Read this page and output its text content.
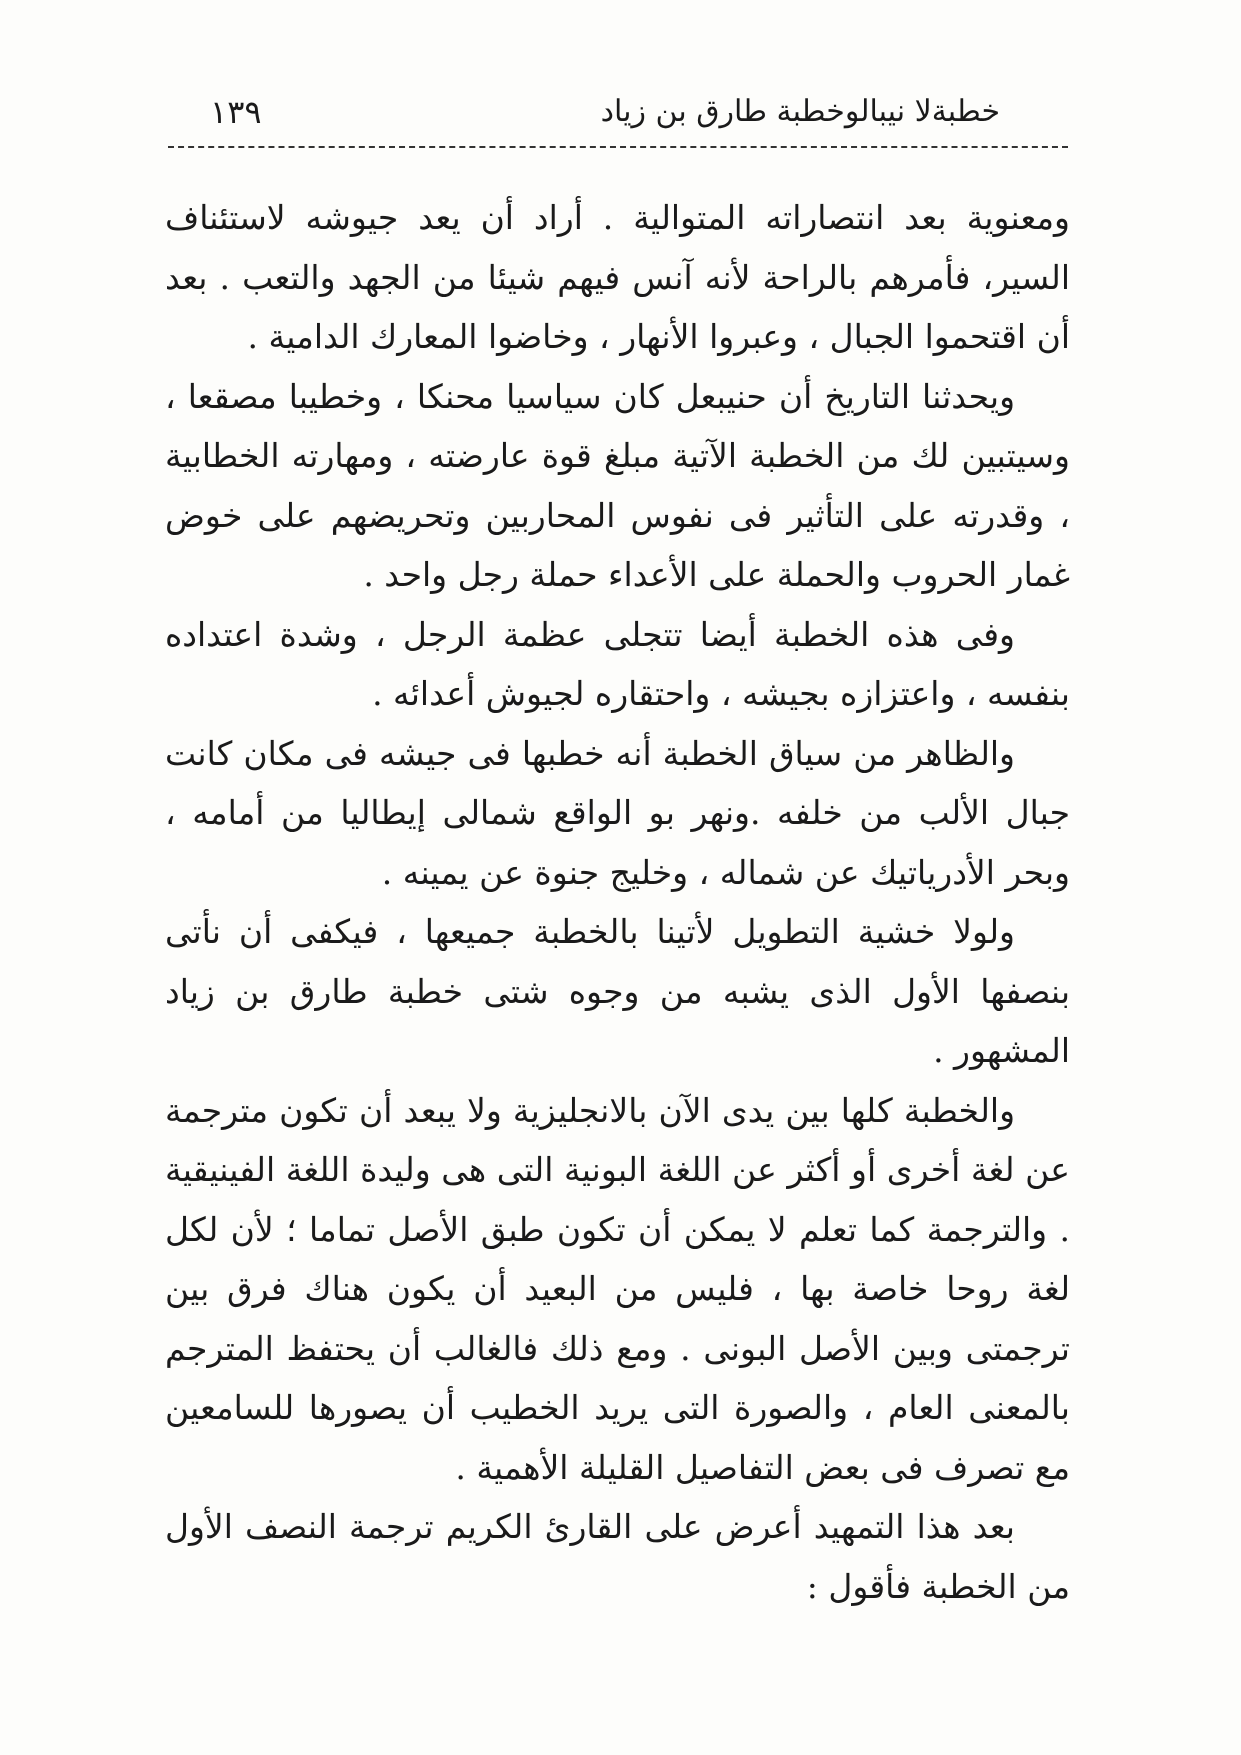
خطبةلا نيبالوخطبة طارق بن زياد
١٣٩

ومعنوية بعد انتصاراته المتوالية . أراد أن يعد جيوشه لاستئناف السير، فأمرهم بالراحة لأنه آنس فيهم شيئا من الجهد والتعب . بعد أن اقتحموا الجبال ، وعبروا الأنهار ، وخاضوا المعارك الدامية .

ويحدثنا التاريخ أن حنيبعل كان سياسيا محنكا ، وخطيبا مصقعا ، وسيتبين لك من الخطبة الآتية مبلغ قوة عارضته ، ومهارته الخطابية ، وقدرته على التأثير فى نفوس المحاربين وتحريضهم على خوض غمار الحروب والحملة على الأعداء حملة رجل واحد .

وفى هذه الخطبة أيضا تتجلى عظمة الرجل ، وشدة اعتداده بنفسه ، واعتزازه بجيشه ، واحتقاره لجيوش أعدائه .

والظاهر من سياق الخطبة أنه خطبها فى جيشه فى مكان كانت جبال الألب من خلفه .ونهر بو الواقع شمالى إيطاليا من أمامه ، وبحر الأدرياتيك عن شماله ، وخليج جنوة عن يمينه .

ولولا خشية التطويل لأتينا بالخطبة جميعها ، فيكفى أن نأتى بنصفها الأول الذى يشبه من وجوه شتى خطبة طارق بن زياد المشهور .

والخطبة كلها بين يدى الآن بالانجليزية ولا يبعد أن تكون مترجمة عن لغة أخرى أو أكثر عن اللغة البونية التى هى وليدة اللغة الفينيقية . والترجمة كما تعلم لا يمكن أن تكون طبق الأصل تماما ؛ لأن لكل لغة روحا خاصة بها ، فليس من البعيد أن يكون هناك فرق بين ترجمتى وبين الأصل البونى . ومع ذلك فالغالب أن يحتفظ المترجم بالمعنى العام ، والصورة التى يريد الخطيب أن يصورها للسامعين مع تصرف فى بعض التفاصيل القليلة الأهمية .

بعد هذا التمهيد أعرض على القارئ الكريم ترجمة النصف الأول من الخطبة فأقول :
